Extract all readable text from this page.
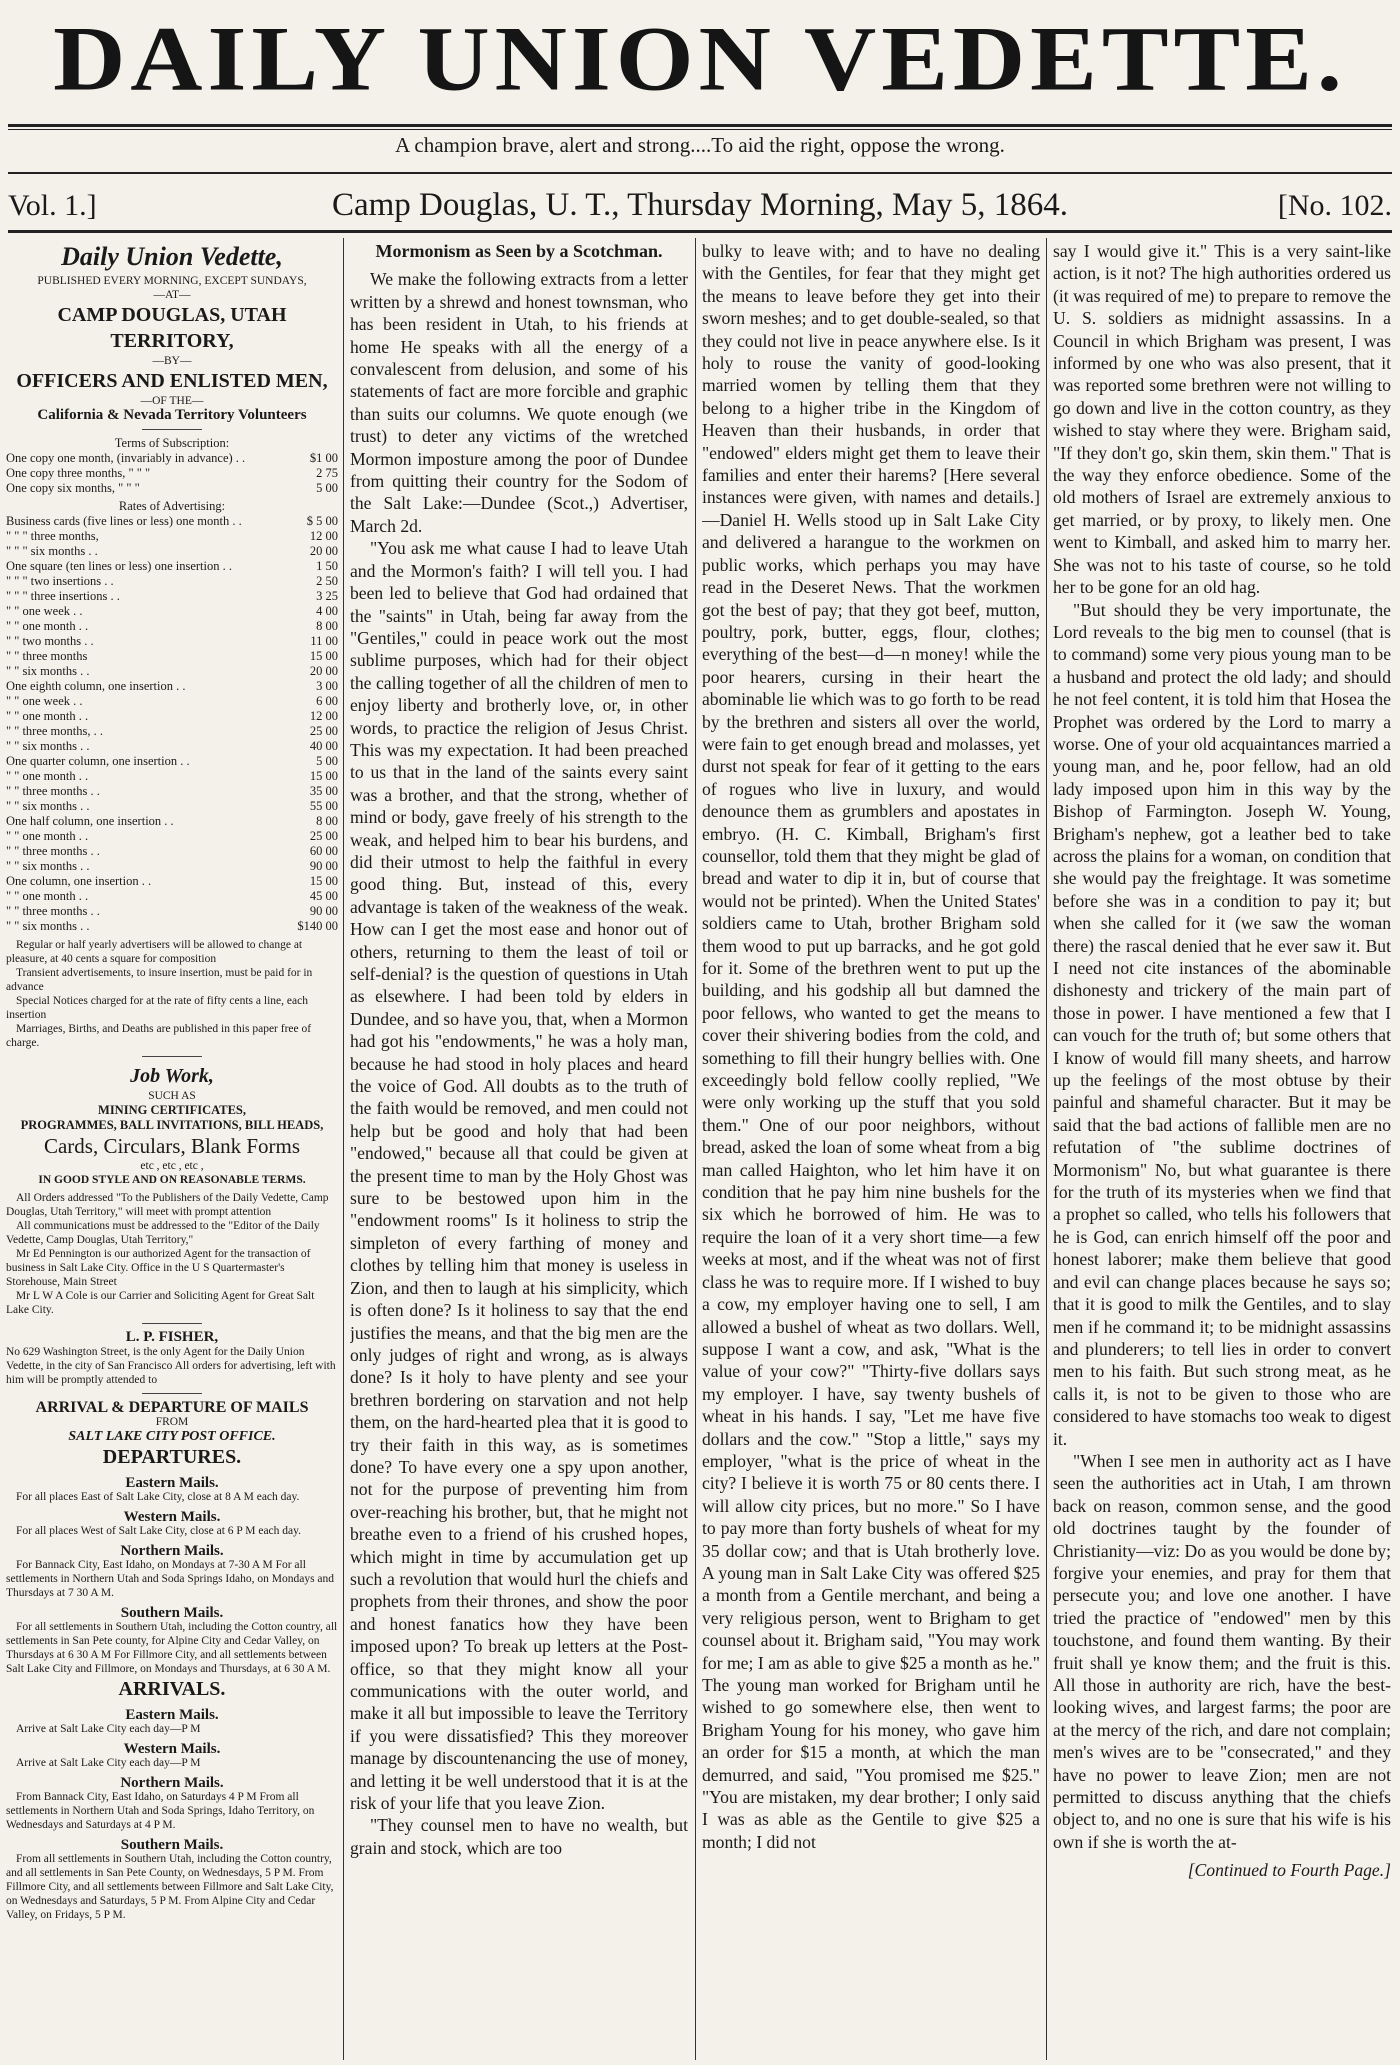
DAILY UNION VEDETTE.
A champion brave, alert and strong....To aid the right, oppose the wrong.
Vol. 1.]	Camp Douglas, U. T., Thursday Morning, May 5, 1864.	[No. 102.
Daily Union Vedette,
PUBLISHED EVERY MORNING, EXCEPT SUNDAYS,
—AT—
CAMP DOUGLAS, UTAH TERRITORY,
—BY—
OFFICERS AND ENLISTED MEN,
—OF THE—
California & Nevada Territory Volunteers
Terms of Subscription:
One copy one month, (invariably in advance) . .	$1 00
One copy three months, " " "	2 75
One copy six months, " " "	5 00
Rates of Advertising:
Business cards (five lines or less) one month . .	$ 5 00
" " " three months,	12 00
" " " six months . .	20 00
One square (ten lines or less) one insertion . .	1 50
" " " two insertions . .	2 50
" " " three insertions . .	3 25
" " one week . .	4 00
" " one month . .	8 00
" " two months . .	11 00
" " three months	15 00
" " six months . .	20 00
One eighth column, one insertion . .	3 00
" " one week . .	6 00
" " one month . .	12 00
" " three months, . .	25 00
" " six months . .	40 00
One quarter column, one insertion . .	5 00
" " one month . .	15 00
" " three months . .	35 00
" " six months . .	55 00
One half column, one insertion . .	8 00
" " one month . .	25 00
" " three months . .	60 00
" " six months . .	90 00
One column, one insertion . .	15 00
" " one month . .	45 00
" " three months . .	90 00
" " six months . .	$140 00
Regular or half yearly advertisers will be allowed to change at pleasure, at 40 cents a square for composition
Transient advertisements, to insure insertion, must be paid for in advance
Special Notices charged for at the rate of fifty cents a line, each insertion
Marriages, Births, and Deaths are published in this paper free of charge.
Job Work,
SUCH AS
MINING CERTIFICATES,
PROGRAMMES, BALL INVITATIONS, BILL HEADS,
Cards, Circulars, Blank Forms
etc , etc , etc ,
IN GOOD STYLE AND ON REASONABLE TERMS.
All Orders addressed "To the Publishers of the Daily Vedette, Camp Douglas, Utah Territory," will meet with prompt attention
All communications must be addressed to the "Editor of the Daily Vedette, Camp Douglas, Utah Territory,"
Mr Ed Pennington is our authorized Agent for the transaction of business in Salt Lake City. Office in the U S Quartermaster's Storehouse, Main Street
Mr L W A Cole is our Carrier and Soliciting Agent for Great Salt Lake City.
L. P. FISHER,
No 629 Washington Street, is the only Agent for the Daily Union Vedette, in the city of San Francisco All orders for advertising, left with him will be promptly attended to
ARRIVAL & DEPARTURE OF MAILS
FROM
SALT LAKE CITY POST OFFICE.
DEPARTURES.
Eastern Mails.
For all places East of Salt Lake City, close at 8 A M each day.
Western Mails.
For all places West of Salt Lake City, close at 6 P M each day.
Northern Mails.
For Bannack City, East Idaho, on Mondays at 7-30 A M For all settlements in Northern Utah and Soda Springs Idaho, on Mondays and Thursdays at 7 30 A M.
Southern Mails.
For all settlements in Southern Utah, including the Cotton country, all settlements in San Pete county, for Alpine City and Cedar Valley, on Thursdays at 6 30 A M For Fillmore City, and all settlements between Salt Lake City and Fillmore, on Mondays and Thursdays, at 6 30 A M.
ARRIVALS.
Eastern Mails.
Arrive at Salt Lake City each day—P M
Western Mails.
Arrive at Salt Lake City each day—P M
Northern Mails.
From Bannack City, East Idaho, on Saturdays 4 P M From all settlements in Northern Utah and Soda Springs, Idaho Territory, on Wednesdays and Saturdays at 4 P M.
Southern Mails.
From all settlements in Southern Utah, including the Cotton country, and all settlements in San Pete County, on Wednesdays, 5 P M. From Fillmore City, and all settlements between Fillmore and Salt Lake City, on Wednesdays and Saturdays, 5 P M. From Alpine City and Cedar Valley, on Fridays, 5 P M.

Mormonism as Seen by a Scotchman.

We make the following extracts from a letter written by a shrewd and honest townsman, who has been resident in Utah, to his friends at home He speaks with all the energy of a convalescent from delusion, and some of his statements of fact are more forcible and graphic than suits our columns. We quote enough (we trust) to deter any victims of the wretched Mormon imposture among the poor of Dundee from quitting their country for the Sodom of the Salt Lake:—Dundee (Scot.,) Advertiser, March 2d.

"You ask me what cause I had to leave Utah and the Mormon's faith? I will tell you. I had been led to believe that God had ordained that the "saints" in Utah, being far away from the "Gentiles," could in peace work out the most sublime purposes, which had for their object the calling together of all the children of men to enjoy liberty and brotherly love, or, in other words, to practice the religion of Jesus Christ. This was my expectation. It had been preached to us that in the land of the saints every saint was a brother, and that the strong, whether of mind or body, gave freely of his strength to the weak, and helped him to bear his burdens, and did their utmost to help the faithful in every good thing. But, instead of this, every advantage is taken of the weakness of the weak. How can I get the most ease and honor out of others, returning to them the least of toil or self-denial? is the question of questions in Utah as elsewhere. I had been told by elders in Dundee, and so have you, that, when a Mormon had got his "endowments," he was a holy man, because he had stood in holy places and heard the voice of God. All doubts as to the truth of the faith would be removed, and men could not help but be good and holy that had been "endowed," because all that could be given at the present time to man by the Holy Ghost was sure to be bestowed upon him in the "endowment rooms" Is it holiness to strip the simpleton of every farthing of money and clothes by telling him that money is useless in Zion, and then to laugh at his simplicity, which is often done? Is it holiness to say that the end justifies the means, and that the big men are the only judges of right and wrong, as is always done? Is it holy to have plenty and see your brethren bordering on starvation and not help them, on the hard-hearted plea that it is good to try their faith in this way, as is sometimes done? To have every one a spy upon another, not for the purpose of preventing him from over-reaching his brother, but, that he might not breathe even to a friend of his crushed hopes, which might in time by accumulation get up such a revolution that would hurl the chiefs and prophets from their thrones, and show the poor and honest fanatics how they have been imposed upon? To break up letters at the Post-office, so that they might know all your communications with the outer world, and make it all but impossible to leave the Territory if you were dissatisfied? This they moreover manage by discountenancing the use of money, and letting it be well understood that it is at the risk of your life that you leave Zion.

"They counsel men to have no wealth, but grain and stock, which are too

bulky to leave with; and to have no dealing with the Gentiles, for fear that they might get the means to leave before they get into their sworn meshes; and to get double-sealed, so that they could not live in peace anywhere else. Is it holy to rouse the vanity of good-looking married women by telling them that they belong to a higher tribe in the Kingdom of Heaven than their husbands, in order that "endowed" elders might get them to leave their families and enter their harems? [Here several instances were given, with names and details.]—Daniel H. Wells stood up in Salt Lake City and delivered a harangue to the workmen on public works, which perhaps you may have read in the Deseret News. That the workmen got the best of pay; that they got beef, mutton, poultry, pork, butter, eggs, flour, clothes; everything of the best—d—n money! while the poor hearers, cursing in their heart the abominable lie which was to go forth to be read by the brethren and sisters all over the world, were fain to get enough bread and molasses, yet durst not speak for fear of it getting to the ears of rogues who live in luxury, and would denounce them as grumblers and apostates in embryo. (H. C. Kimball, Brigham's first counsellor, told them that they might be glad of bread and water to dip it in, but of course that would not be printed). When the United States' soldiers came to Utah, brother Brigham sold them wood to put up barracks, and he got gold for it. Some of the brethren went to put up the building, and his godship all but damned the poor fellows, who wanted to get the means to cover their shivering bodies from the cold, and something to fill their hungry bellies with. One exceedingly bold fellow coolly replied, "We were only working up the stuff that you sold them." One of our poor neighbors, without bread, asked the loan of some wheat from a big man called Haighton, who let him have it on condition that he pay him nine bushels for the six which he borrowed of him. He was to require the loan of it a very short time—a few weeks at most, and if the wheat was not of first class he was to require more. If I wished to buy a cow, my employer having one to sell, I am allowed a bushel of wheat as two dollars. Well, suppose I want a cow, and ask, "What is the value of your cow?" "Thirty-five dollars says my employer. I have, say twenty bushels of wheat in his hands. I say, "Let me have five dollars and the cow." "Stop a little," says my employer, "what is the price of wheat in the city? I believe it is worth 75 or 80 cents there. I will allow city prices, but no more." So I have to pay more than forty bushels of wheat for my 35 dollar cow; and that is Utah brotherly love. A young man in Salt Lake City was offered $25 a month from a Gentile merchant, and being a very religious person, went to Brigham to get counsel about it. Brigham said, "You may work for me; I am as able to give $25 a month as he." The young man worked for Brigham until he wished to go somewhere else, then went to Brigham Young for his money, who gave him an order for $15 a month, at which the man demurred, and said, "You promised me $25." "You are mistaken, my dear brother; I only said I was as able as the Gentile to give $25 a month; I did not

say I would give it." This is a very saint-like action, is it not? The high authorities ordered us (it was required of me) to prepare to remove the U. S. soldiers as midnight assassins. In a Council in which Brigham was present, I was informed by one who was also present, that it was reported some brethren were not willing to go down and live in the cotton country, as they wished to stay where they were. Brigham said, "If they don't go, skin them, skin them." That is the way they enforce obedience. Some of the old mothers of Israel are extremely anxious to get married, or by proxy, to likely men. One went to Kimball, and asked him to marry her. She was not to his taste of course, so he told her to be gone for an old hag.

"But should they be very importunate, the Lord reveals to the big men to counsel (that is to command) some very pious young man to be a husband and protect the old lady; and should he not feel content, it is told him that Hosea the Prophet was ordered by the Lord to marry a worse. One of your old acquaintances married a young man, and he, poor fellow, had an old lady imposed upon him in this way by the Bishop of Farmington. Joseph W. Young, Brigham's nephew, got a leather bed to take across the plains for a woman, on condition that she would pay the freightage. It was sometime before she was in a condition to pay it; but when she called for it (we saw the woman there) the rascal denied that he ever saw it. But I need not cite instances of the abominable dishonesty and trickery of the main part of those in power. I have mentioned a few that I can vouch for the truth of; but some others that I know of would fill many sheets, and harrow up the feelings of the most obtuse by their painful and shameful character. But it may be said that the bad actions of fallible men are no refutation of "the sublime doctrines of Mormonism" No, but what guarantee is there for the truth of its mysteries when we find that a prophet so called, who tells his followers that he is God, can enrich himself off the poor and honest laborer; make them believe that good and evil can change places because he says so; that it is good to milk the Gentiles, and to slay men if he command it; to be midnight assassins and plunderers; to tell lies in order to convert men to his faith. But such strong meat, as he calls it, is not to be given to those who are considered to have stomachs too weak to digest it.

"When I see men in authority act as I have seen the authorities act in Utah, I am thrown back on reason, common sense, and the good old doctrines taught by the founder of Christianity—viz: Do as you would be done by; forgive your enemies, and pray for them that persecute you; and love one another. I have tried the practice of "endowed" men by this touchstone, and found them wanting. By their fruit shall ye know them; and the fruit is this. All those in authority are rich, have the best-looking wives, and largest farms; the poor are at the mercy of the rich, and dare not complain; men's wives are to be "consecrated," and they have no power to leave Zion; men are not permitted to discuss anything that the chiefs object to, and no one is sure that his wife is his own if she is worth the at-

[Continued to Fourth Page.]
